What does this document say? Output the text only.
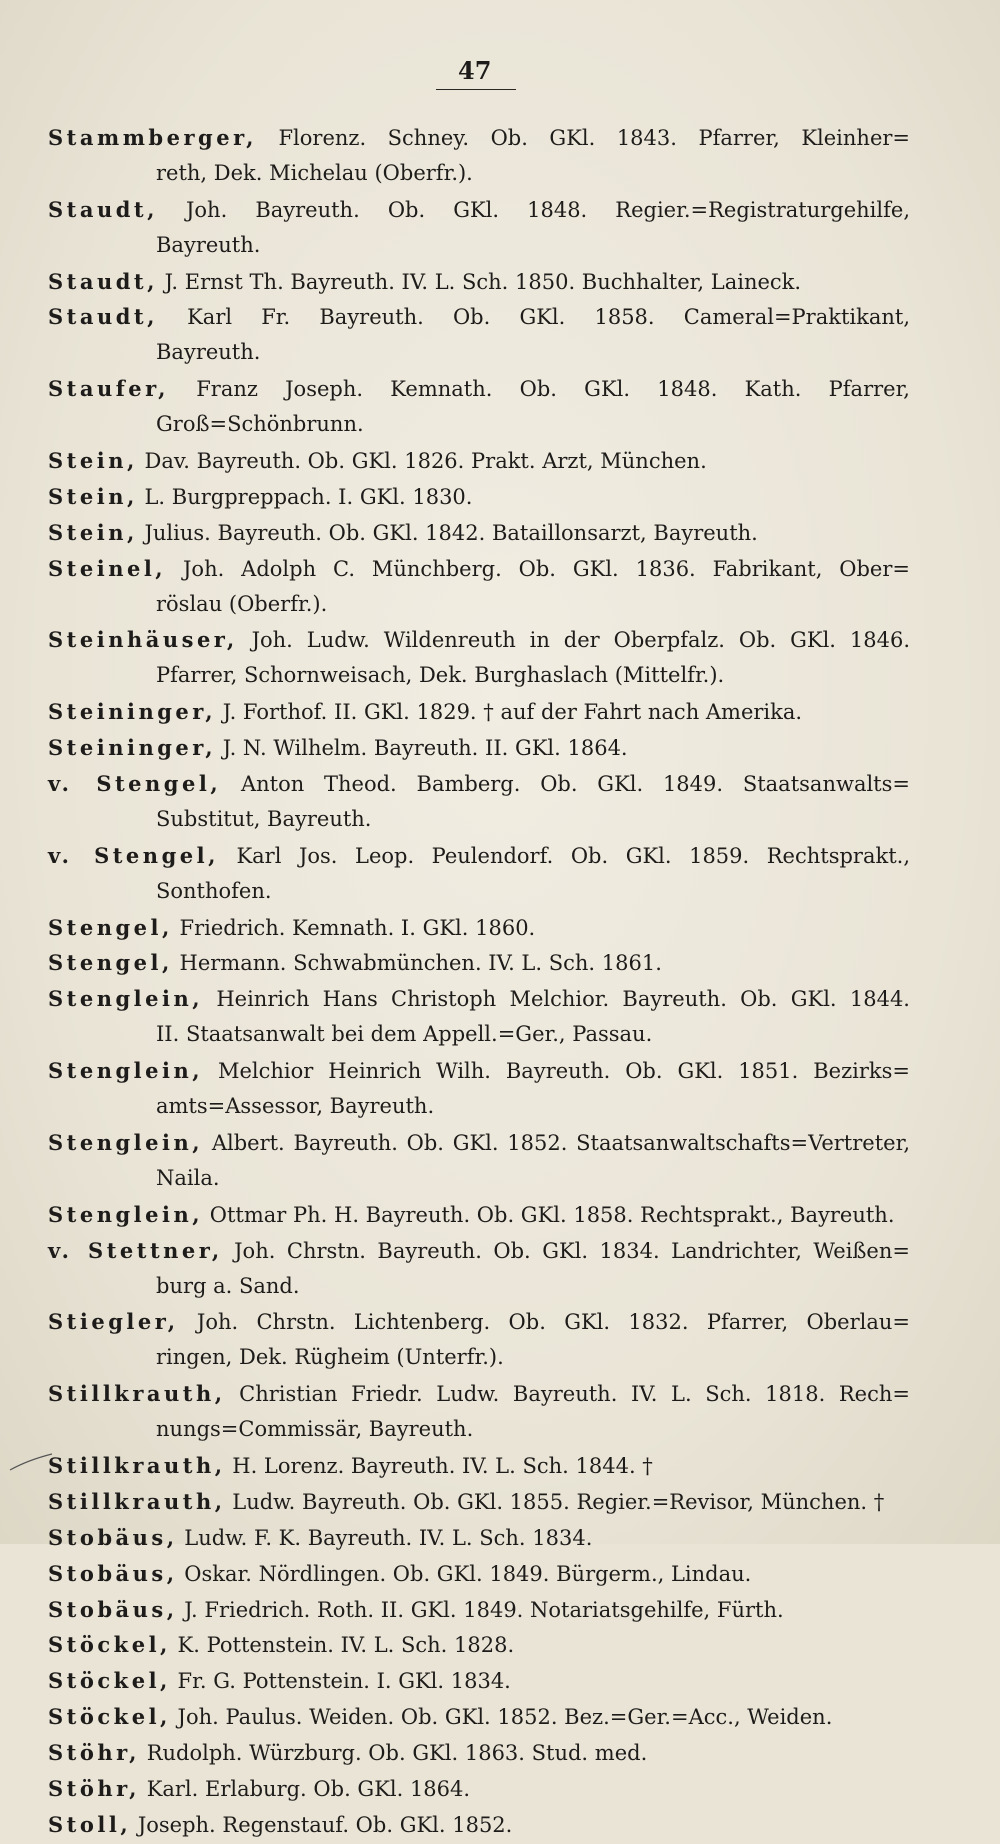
47
Stammberger, Florenz. Schney. Ob. GKl. 1843. Pfarrer, Kleinher=
reth, Dek. Michelau (Oberfr.).
Staudt, Joh. Bayreuth. Ob. GKl. 1848. Regier.=Registraturgehilfe,
Bayreuth.
Staudt, J. Ernst Th. Bayreuth. IV. L. Sch. 1850. Buchhalter, Laineck.
Staudt, Karl Fr. Bayreuth. Ob. GKl. 1858. Cameral=Praktikant,
Bayreuth.
Staufer, Franz Joseph. Kemnath. Ob. GKl. 1848. Kath. Pfarrer,
Groß=Schönbrunn.
Stein, Dav. Bayreuth. Ob. GKl. 1826. Prakt. Arzt, München.
Stein, L. Burgpreppach. I. GKl. 1830.
Stein, Julius. Bayreuth. Ob. GKl. 1842. Bataillonsarzt, Bayreuth.
Steinel, Joh. Adolph C. Münchberg. Ob. GKl. 1836. Fabrikant, Ober=
röslau (Oberfr.).
Steinhäuser, Joh. Ludw. Wildenreuth in der Oberpfalz. Ob. GKl. 1846.
Pfarrer, Schornweisach, Dek. Burghaslach (Mittelfr.).
Steininger, J. Forthof. II. GKl. 1829. † auf der Fahrt nach Amerika.
Steininger, J. N. Wilhelm. Bayreuth. II. GKl. 1864.
v. Stengel, Anton Theod. Bamberg. Ob. GKl. 1849. Staatsanwalts=
Substitut, Bayreuth.
v. Stengel, Karl Jos. Leop. Peulendorf. Ob. GKl. 1859. Rechtsprakt.,
Sonthofen.
Stengel, Friedrich. Kemnath. I. GKl. 1860.
Stengel, Hermann. Schwabmünchen. IV. L. Sch. 1861.
Stenglein, Heinrich Hans Christoph Melchior. Bayreuth. Ob. GKl. 1844.
II. Staatsanwalt bei dem Appell.=Ger., Passau.
Stenglein, Melchior Heinrich Wilh. Bayreuth. Ob. GKl. 1851. Bezirks=
amts=Assessor, Bayreuth.
Stenglein, Albert. Bayreuth. Ob. GKl. 1852. Staatsanwaltschafts=Vertreter,
Naila.
Stenglein, Ottmar Ph. H. Bayreuth. Ob. GKl. 1858. Rechtsprakt., Bayreuth.
v. Stettner, Joh. Chrstn. Bayreuth. Ob. GKl. 1834. Landrichter, Weißen=
burg a. Sand.
Stiegler, Joh. Chrstn. Lichtenberg. Ob. GKl. 1832. Pfarrer, Oberlau=
ringen, Dek. Rügheim (Unterfr.).
Stillkrauth, Christian Friedr. Ludw. Bayreuth. IV. L. Sch. 1818. Rech=
nungs=Commissär, Bayreuth.
Stillkrauth, H. Lorenz. Bayreuth. IV. L. Sch. 1844. †
Stillkrauth, Ludw. Bayreuth. Ob. GKl. 1855. Regier.=Revisor, München. †
Stobäus, Ludw. F. K. Bayreuth. IV. L. Sch. 1834.
Stobäus, Oskar. Nördlingen. Ob. GKl. 1849. Bürgerm., Lindau.
Stobäus, J. Friedrich. Roth. II. GKl. 1849. Notariatsgehilfe, Fürth.
Stöckel, K. Pottenstein. IV. L. Sch. 1828.
Stöckel, Fr. G. Pottenstein. I. GKl. 1834.
Stöckel, Joh. Paulus. Weiden. Ob. GKl. 1852. Bez.=Ger.=Acc., Weiden.
Stöhr, Rudolph. Würzburg. Ob. GKl. 1863. Stud. med.
Stöhr, Karl. Erlaburg. Ob. GKl. 1864.
Stoll, Joseph. Regenstauf. Ob. GKl. 1852.
